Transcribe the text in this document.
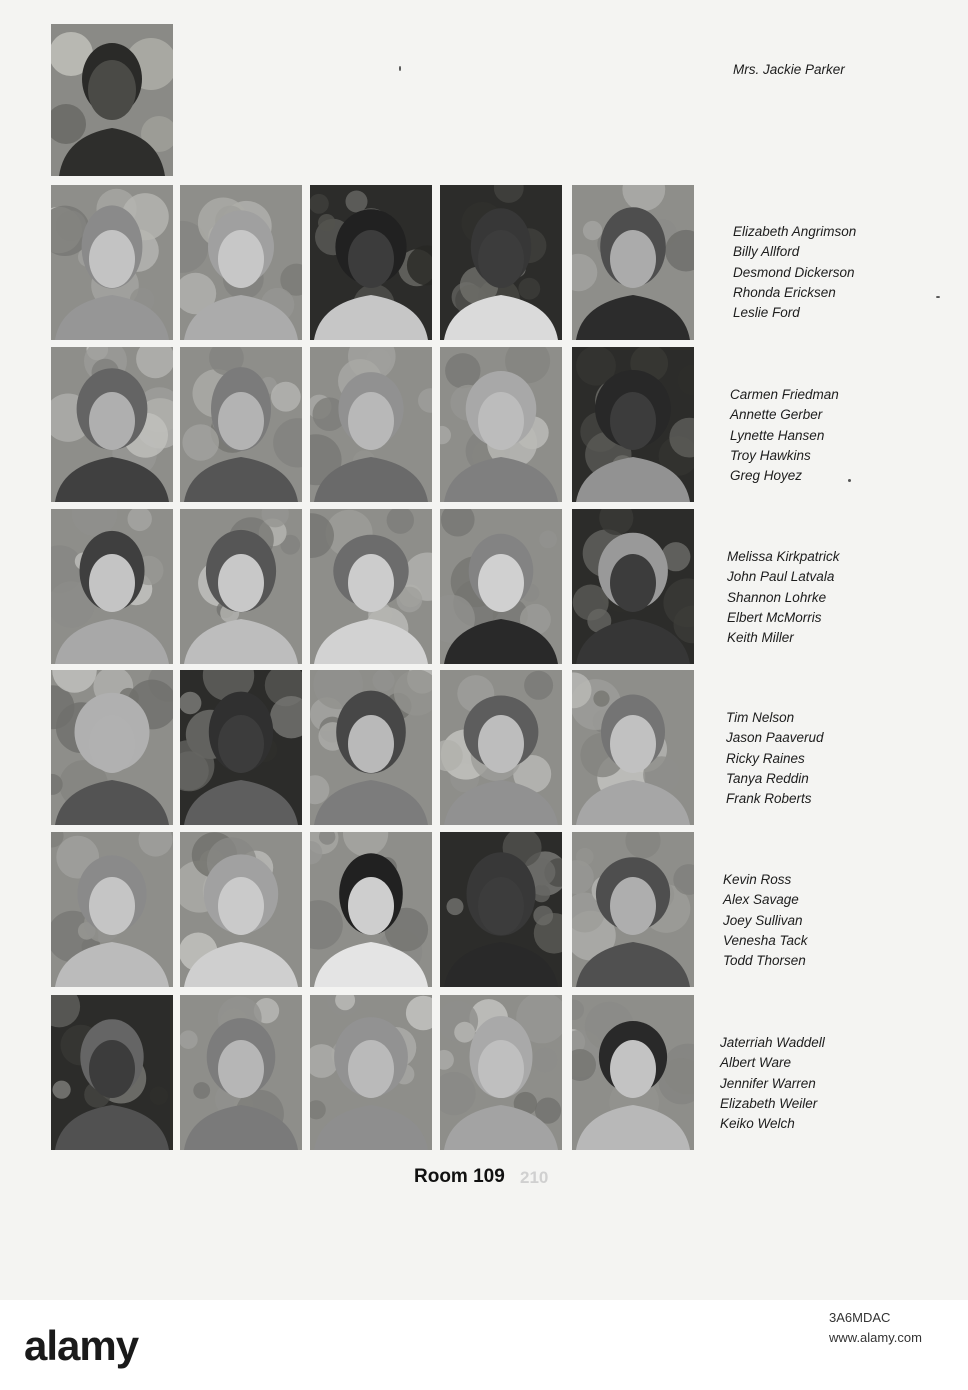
Mrs. Jackie Parker
Elizabeth Angrimson
Billy Allford
Desmond Dickerson
Rhonda Ericksen
Leslie Ford
Carmen Friedman
Annette Gerber
Lynette Hansen
Troy Hawkins
Greg Hoyez
Melissa Kirkpatrick
John Paul Latvala
Shannon Lohrke
Elbert McMorris
Keith Miller
Tim Nelson
Jason Paaverud
Ricky Raines
Tanya Reddin
Frank Roberts
Kevin Ross
Alex Savage
Joey Sullivan
Venesha Tack
Todd Thorsen
Jaterriah Waddell
Albert Ware
Jennifer Warren
Elizabeth Weiler
Keiko Welch
Room 109 210
alamy
3A6MDAC
www.alamy.com
